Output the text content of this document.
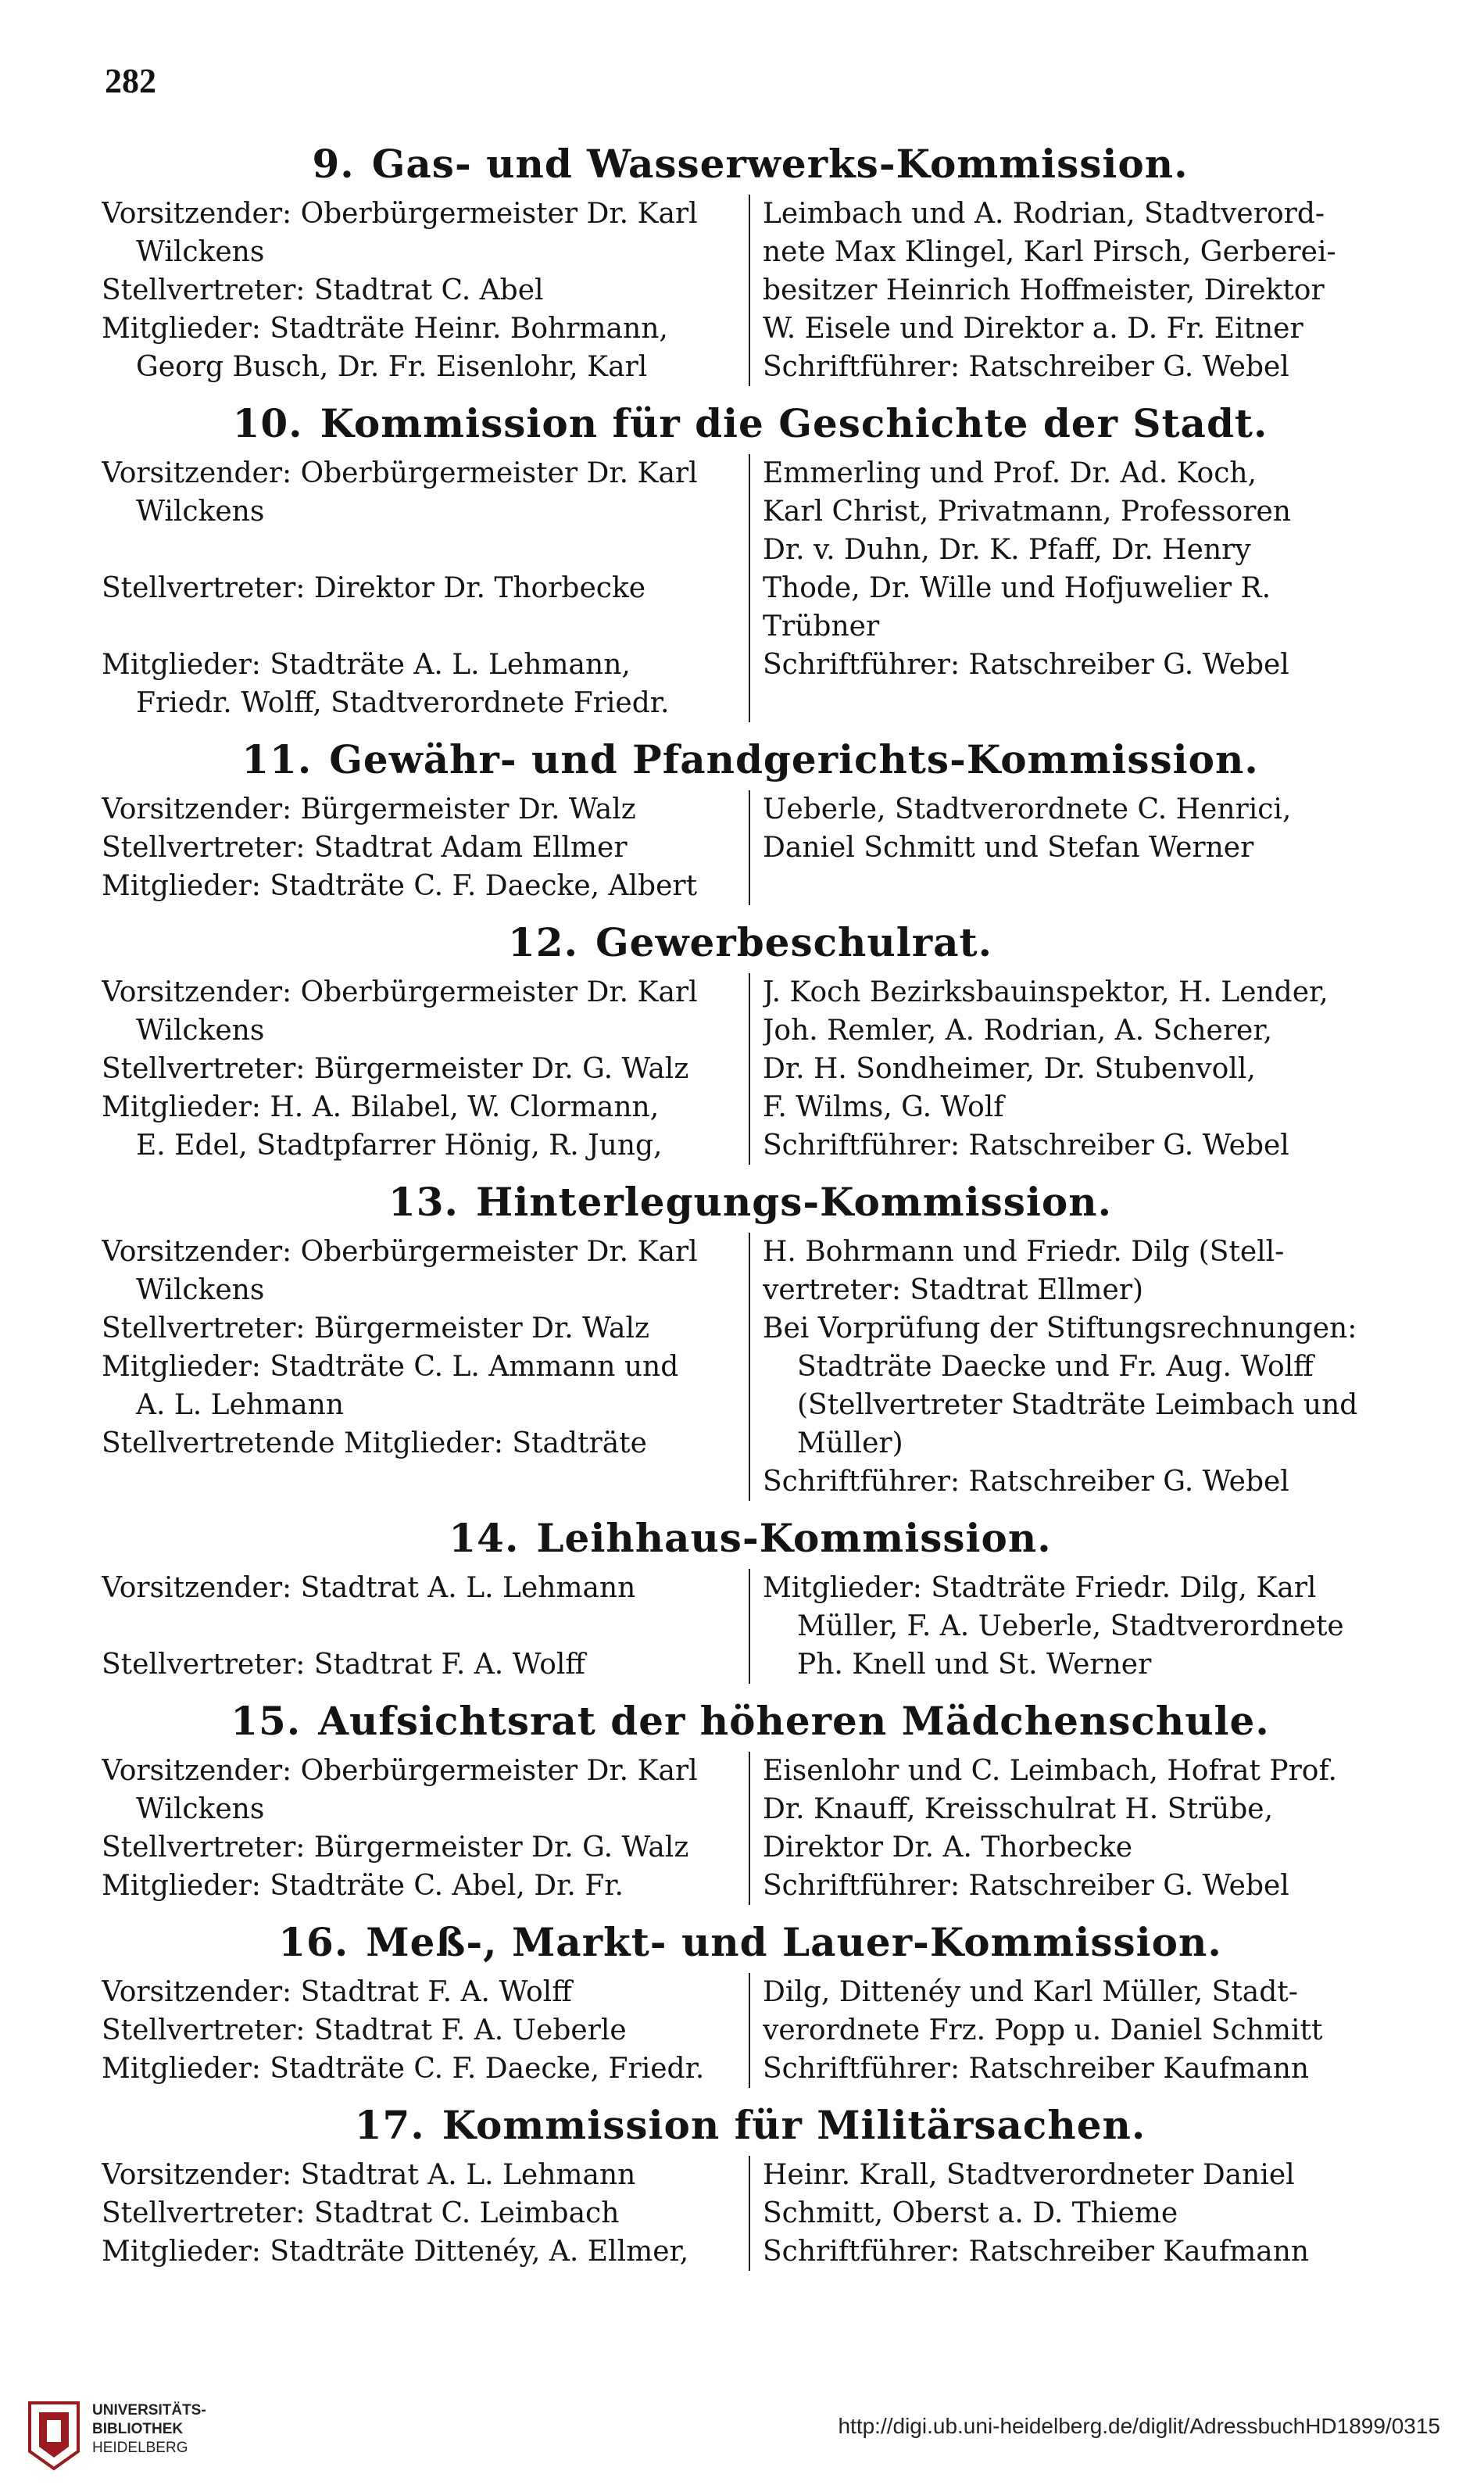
282
9. Gas- und Wasserwerks-Kommission.
Vorsitzender: Oberbürgermeister Dr. Karl
Wilckens
Stellvertreter: Stadtrat C. Abel
Mitglieder: Stadträte Heinr. Bohrmann,
Georg Busch, Dr. Fr. Eisenlohr, Karl
Leimbach und A. Rodrian, Stadtverord-
nete Max Klingel, Karl Pirsch, Gerberei-
besitzer Heinrich Hoffmeister, Direktor
W. Eisele und Direktor a. D. Fr. Eitner
Schriftführer: Ratschreiber G. Webel
10. Kommission für die Geschichte der Stadt.
Vorsitzender: Oberbürgermeister Dr. Karl
Wilckens

Stellvertreter: Direktor Dr. Thorbecke

Mitglieder: Stadträte A. L. Lehmann,
Friedr. Wolff, Stadtverordnete Friedr.
Emmerling und Prof. Dr. Ad. Koch,
Karl Christ, Privatmann, Professoren
Dr. v. Duhn, Dr. K. Pfaff, Dr. Henry
Thode, Dr. Wille und Hofjuwelier R.
Trübner
Schriftführer: Ratschreiber G. Webel
11. Gewähr- und Pfandgerichts-Kommission.
Vorsitzender: Bürgermeister Dr. Walz
Stellvertreter: Stadtrat Adam Ellmer
Mitglieder: Stadträte C. F. Daecke, Albert
Ueberle, Stadtverordnete C. Henrici,
Daniel Schmitt und Stefan Werner
12. Gewerbeschulrat.
Vorsitzender: Oberbürgermeister Dr. Karl
Wilckens
Stellvertreter: Bürgermeister Dr. G. Walz
Mitglieder: H. A. Bilabel, W. Clormann,
E. Edel, Stadtpfarrer Hönig, R. Jung,
J. Koch Bezirksbauinspektor, H. Lender,
Joh. Remler, A. Rodrian, A. Scherer,
Dr. H. Sondheimer, Dr. Stubenvoll,
F. Wilms, G. Wolf
Schriftführer: Ratschreiber G. Webel
13. Hinterlegungs-Kommission.
Vorsitzender: Oberbürgermeister Dr. Karl
Wilckens
Stellvertreter: Bürgermeister Dr. Walz
Mitglieder: Stadträte C. L. Ammann und
A. L. Lehmann
Stellvertretende Mitglieder: Stadträte
H. Bohrmann und Friedr. Dilg (Stell-
vertreter: Stadtrat Ellmer)
Bei Vorprüfung der Stiftungsrechnungen:
Stadträte Daecke und Fr. Aug. Wolff
(Stellvertreter Stadträte Leimbach und
Müller)
Schriftführer: Ratschreiber G. Webel
14. Leihhaus-Kommission.
Vorsitzender: Stadtrat A. L. Lehmann

Stellvertreter: Stadtrat F. A. Wolff
Mitglieder: Stadträte Friedr. Dilg, Karl
Müller, F. A. Ueberle, Stadtverordnete
Ph. Knell und St. Werner
15. Aufsichtsrat der höheren Mädchenschule.
Vorsitzender: Oberbürgermeister Dr. Karl
Wilckens
Stellvertreter: Bürgermeister Dr. G. Walz
Mitglieder: Stadträte C. Abel, Dr. Fr.
Eisenlohr und C. Leimbach, Hofrat Prof.
Dr. Knauff, Kreisschulrat H. Strübe,
Direktor Dr. A. Thorbecke
Schriftführer: Ratschreiber G. Webel
16. Meß-, Markt- und Lauer-Kommission.
Vorsitzender: Stadtrat F. A. Wolff
Stellvertreter: Stadtrat F. A. Ueberle
Mitglieder: Stadträte C. F. Daecke, Friedr.
Dilg, Dittenéy und Karl Müller, Stadt-
verordnete Frz. Popp u. Daniel Schmitt
Schriftführer: Ratschreiber Kaufmann
17. Kommission für Militärsachen.
Vorsitzender: Stadtrat A. L. Lehmann
Stellvertreter: Stadtrat C. Leimbach
Mitglieder: Stadträte Dittenéy, A. Ellmer,
Heinr. Krall, Stadtverordneter Daniel
Schmitt, Oberst a. D. Thieme
Schriftführer: Ratschreiber Kaufmann
UNIVERSITÄTS-
BIBLIOTHEK
HEIDELBERG
http://digi.ub.uni-heidelberg.de/diglit/AdressbuchHD1899/0315
